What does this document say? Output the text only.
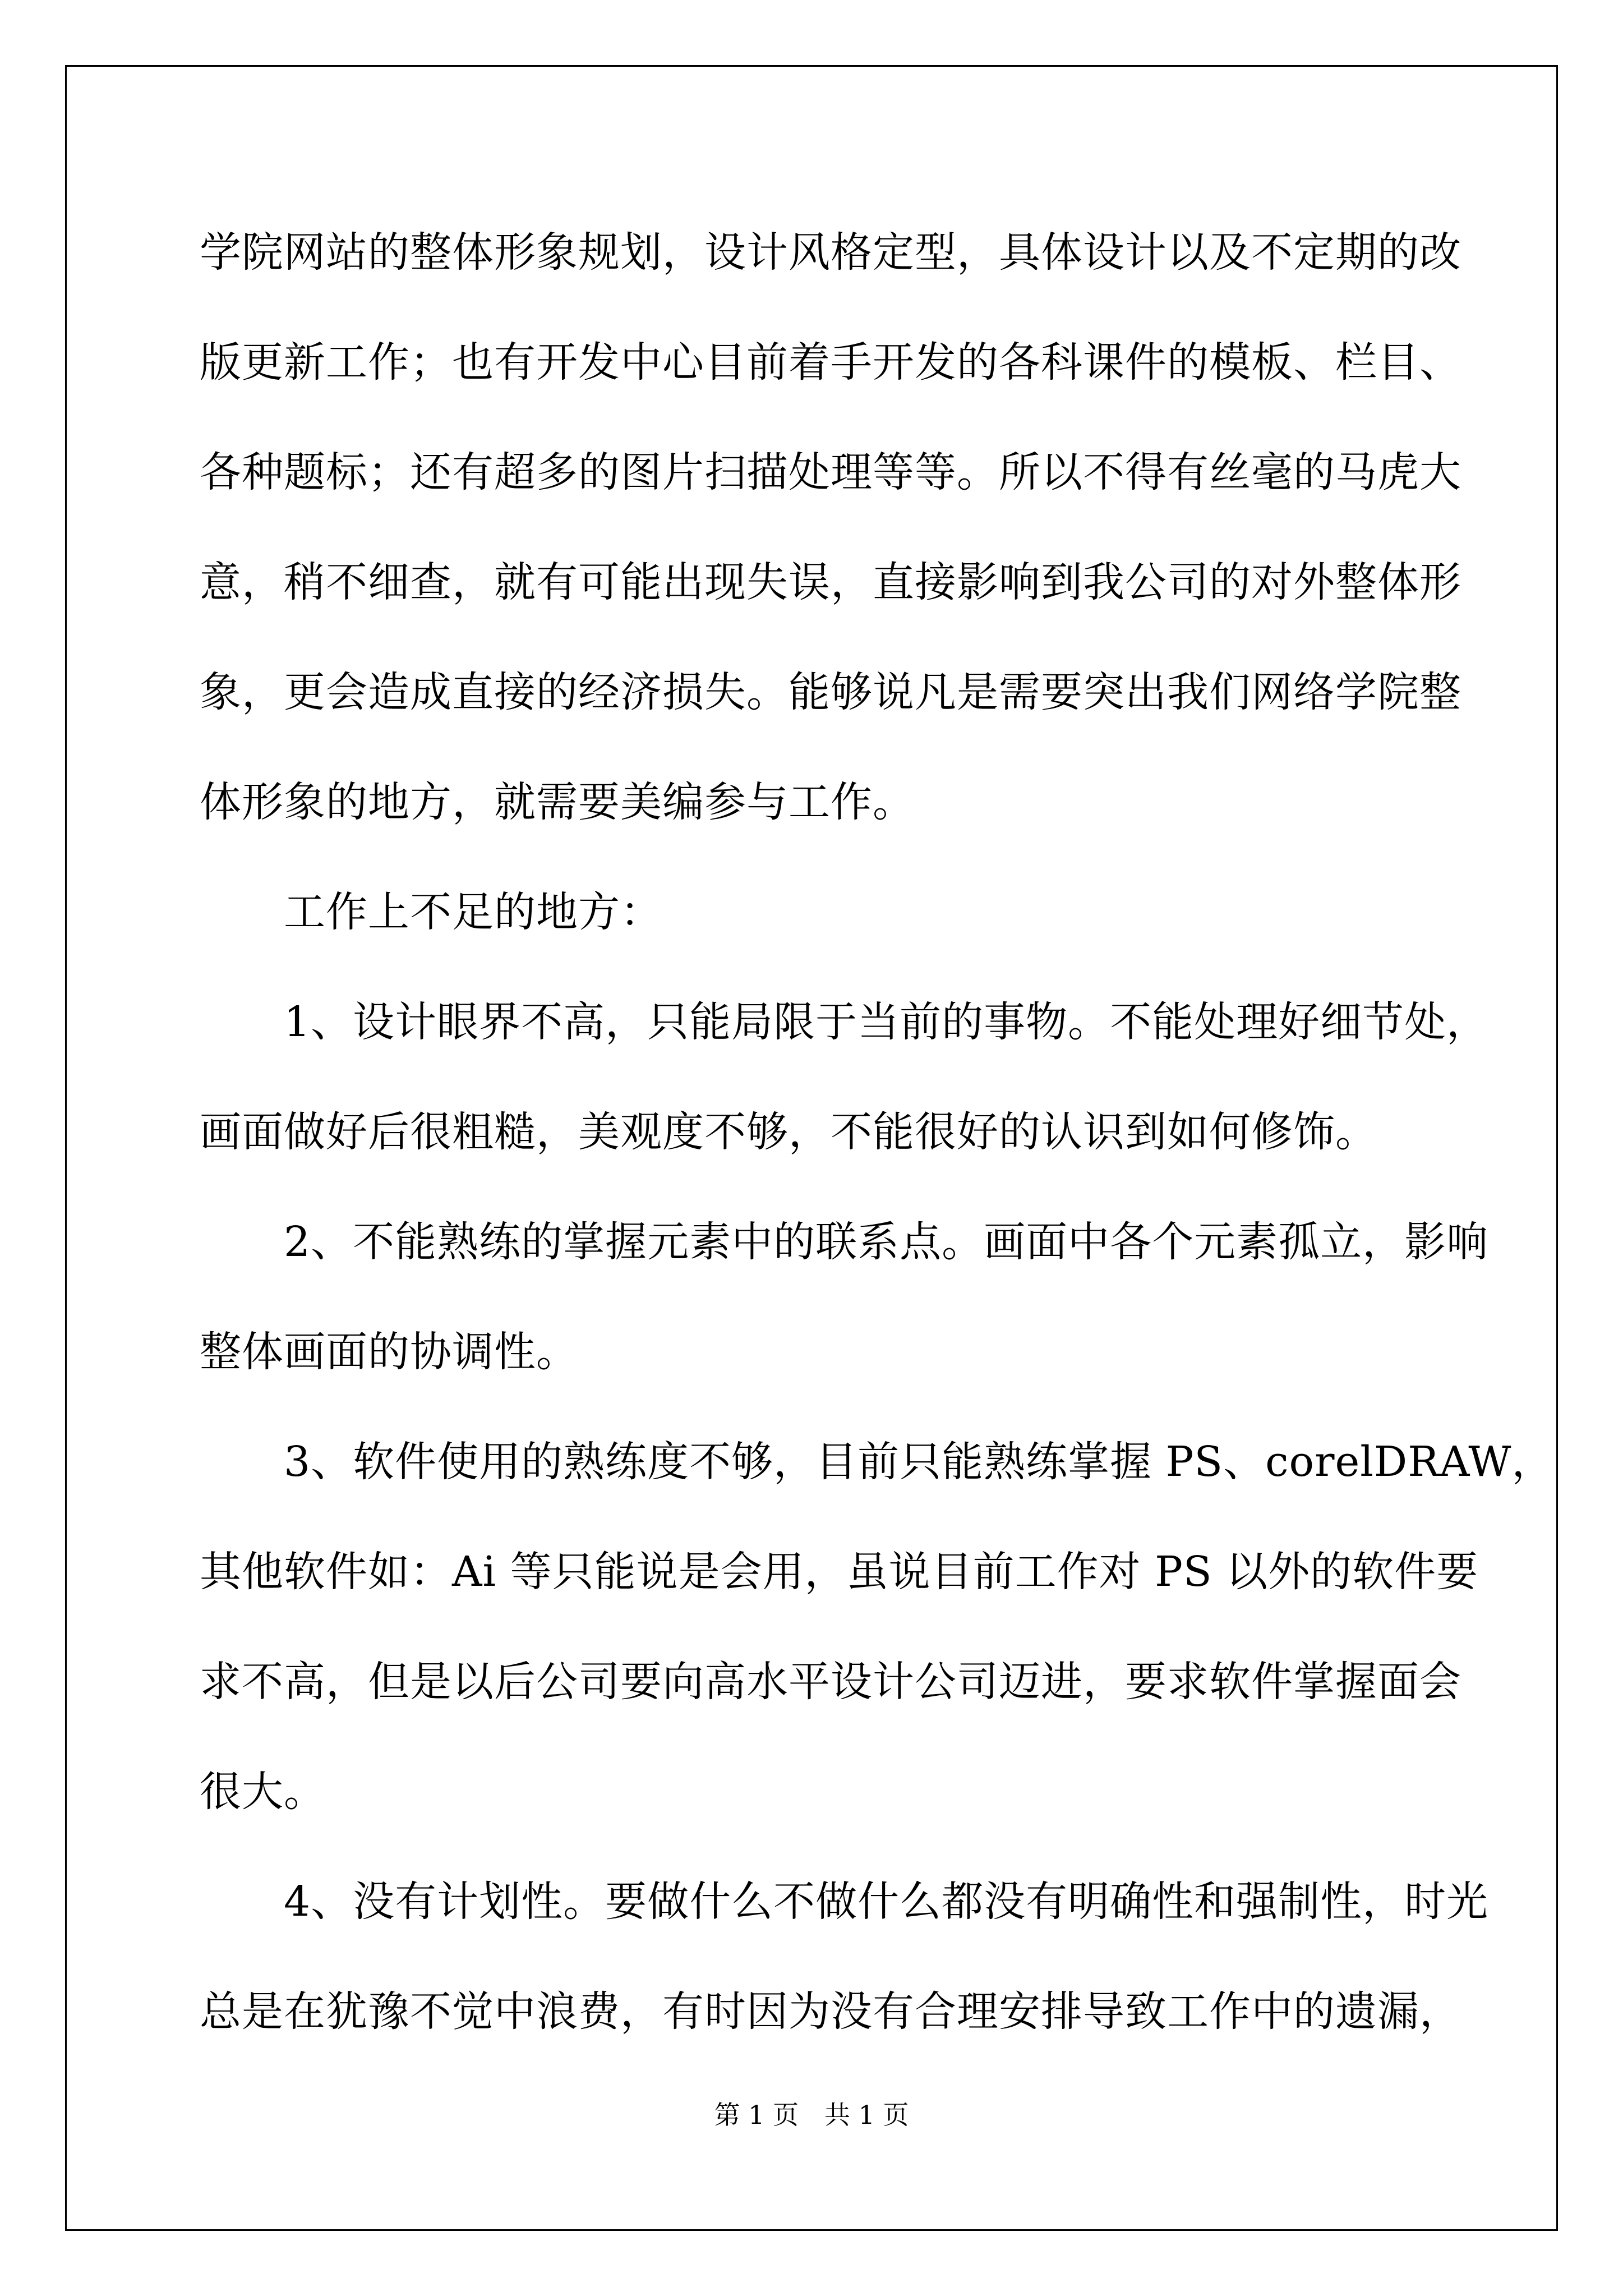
学院网站的整体形象规划，设计风格定型，具体设计以及不定期的改
版更新工作；也有开发中心目前着手开发的各科课件的模板、栏目、
各种题标；还有超多的图片扫描处理等等。所以不得有丝毫的马虎大
意，稍不细查，就有可能出现失误，直接影响到我公司的对外整体形
象，更会造成直接的经济损失。能够说凡是需要突出我们网络学院整
体形象的地方，就需要美编参与工作。
工作上不足的地方：
1、设计眼界不高，只能局限于当前的事物。不能处理好细节处，
画面做好后很粗糙，美观度不够，不能很好的认识到如何修饰。
2、不能熟练的掌握元素中的联系点。画面中各个元素孤立，影响
整体画面的协调性。
3、软件使用的熟练度不够，目前只能熟练掌握 PS、corelDRAW，
其他软件如：Ai 等只能说是会用，虽说目前工作对 PS 以外的软件要
求不高，但是以后公司要向高水平设计公司迈进，要求软件掌握面会
很大。
4、没有计划性。要做什么不做什么都没有明确性和强制性，时光
总是在犹豫不觉中浪费，有时因为没有合理安排导致工作中的遗漏，
第 1 页　共 1 页
